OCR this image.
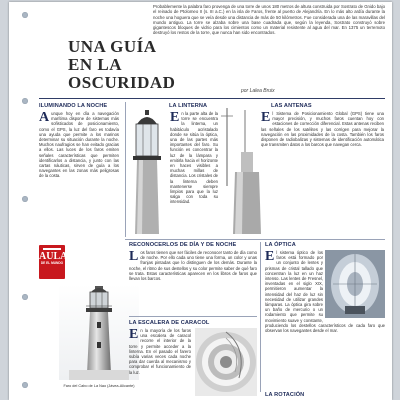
Probablemente la palabra faro provenga de una torre de unos 180 metros de altura construida por Sostrato de Gnido bajo el reinado de Ptolomeo II (s. III a.C.) en la isla de Faros, frente al puerto de Alejandría. En lo más alto ardía durante la noche una hoguera que se veía desde una distancia de más de 50 kilómetros. Fue considerada una de las maravillas del mundo antiguo. La torre se alzaba sobre una base cuadrada que, según la leyenda, Sostrato construyó sobre gigantescos bloques de vidrio para los cimientos como un material resistente al agua del mar. En 1375 un terremoto destruyó los restos de la torre, que nunca han sido encontrados.
UNA GUÍA
EN LA OSCURIDAD	por Lalea Bruix
ILUMINANDO LA NOCHE
Aunque hoy en día a navegación marítima dispone de sistemas más sofisticados de posicionamiento, como el GPS, la luz del faro es todavía una ayuda que permite a los marinos determinar su situación durante la noche. Muchos naufragios se han evitado gracias a ellos. Las luces de los faros emiten señales características que permiten identificarlos a distancia, y junto con las cartas náuticas, sirven de guía a los navegantes en las zonas más peligrosas de la costa.
AULA
DE EL MUNDO
Faro del Cabo de La Nao (Jávea-Alicante)
LA LINTERNA
En la parte alta de la torre se encuentra la linterna, un habitáculo acristalado donde se sitúa la óptica, una de las partes más importantes del faro. Su función es concentrar la luz de la lámpara y emitirla hacia el horizonte en haces visibles a muchas millas de distancia. Los cristales de la linterna deben mantenerse siempre limpios para que la luz salga con toda su intensidad.
LAS ANTENAS
El Sistema de Posicionamiento Global (GPS) tiene una mayor precisión, y muchos faros cuentan hoy con estaciones de corrección diferencial. Estas antenas reciben las señales de los satélites y las corrigen para mejorar la navegación en las proximidades de la costa. También los faros disponen de radiobalizas y sistemas de identificación automática que transmiten datos a los barcos que navegan cerca.
RECONOCERLOS DE DÍA Y DE NOCHE
Los faros tienen que ser fáciles de reconocer tanto de día como de noche. Por ello cada uno tiene una forma, un color y unas franjas pintadas que lo distinguen de los demás. Durante la noche, el ritmo de sus destellos y su color permite saber de qué faro se trata. Estas características aparecen en los libros de faros que llevan los barcos.
LA ÓPTICA
El sistema óptico de los faros está formado por un conjunto de lentes y prismas de cristal tallado que concentran la luz en un haz intenso. Las lentes de Fresnel, inventadas en el siglo XIX, permitieron aumentar la intensidad del haz de luz sin necesidad de utilizar grandes lámparas. La óptica gira sobre un baño de mercurio o un rodamiento que permite su movimiento suave y constante, produciendo los destellos característicos de cada faro que observan los navegantes desde el mar.
LA ESCALERA DE CARACOL
En la mayoría de los faros una escalera de caracol recorre el interior de la torre y permite acceder a la linterna. En el pasado el farero subía varias veces cada noche para dar cuerda al mecanismo y comprobar el funcionamiento de la luz.
LA ROTACIÓN
